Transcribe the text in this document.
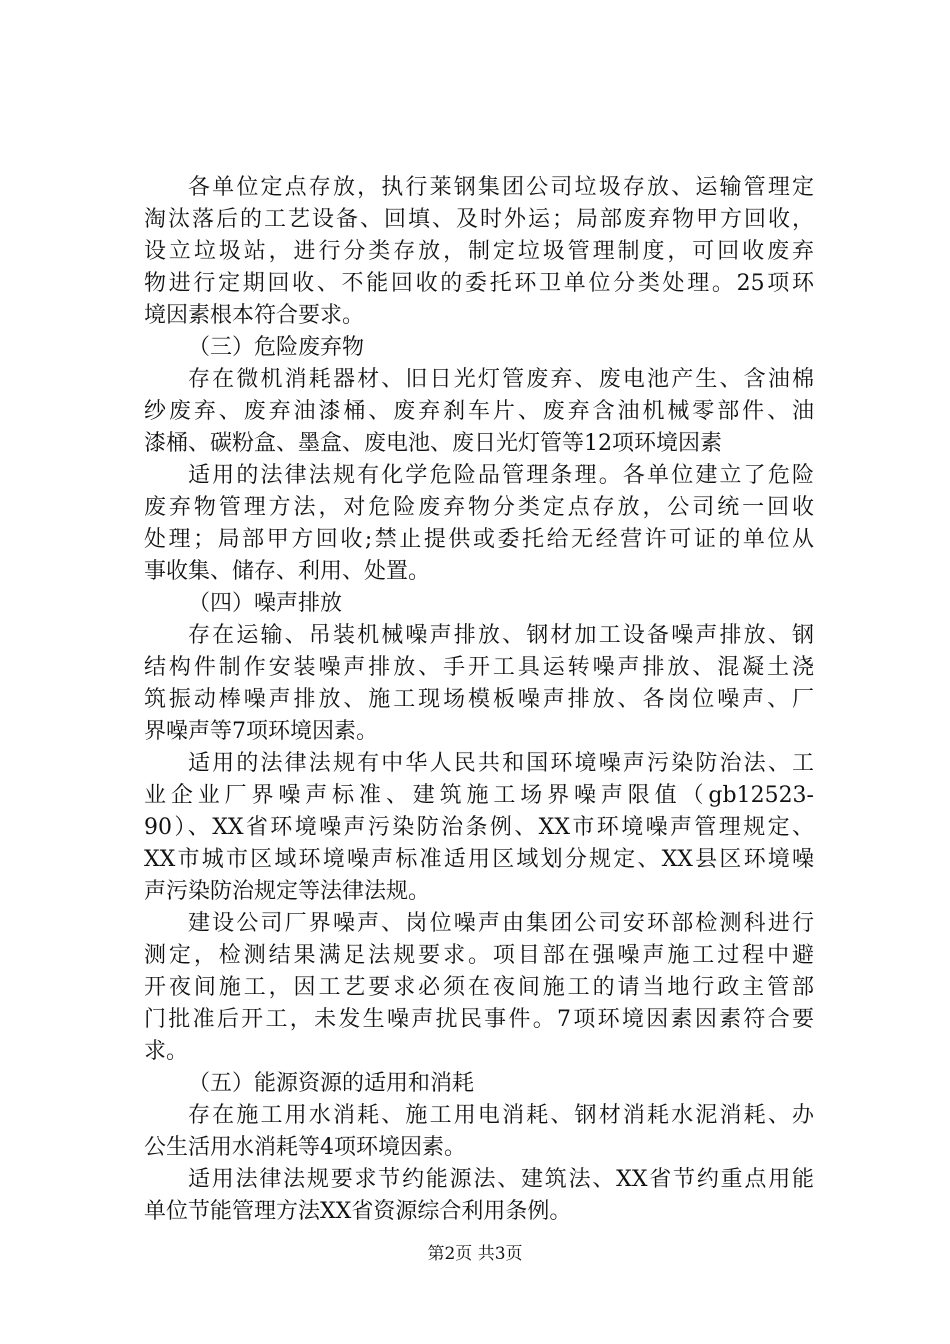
各单位定点存放，执行莱钢集团公司垃圾存放、运输管理定
淘汰落后的工艺设备、回填、及时外运；局部废弃物甲方回收，
设立垃圾站，进行分类存放，制定垃圾管理制度，可回收废弃
物进行定期回收、不能回收的委托环卫单位分类处理。25项环
境因素根本符合要求。
（三）危险废弃物
存在微机消耗器材、旧日光灯管废弃、废电池产生、含油棉
纱废弃、废弃油漆桶、废弃刹车片、废弃含油机械零部件、油
漆桶、碳粉盒、墨盒、废电池、废日光灯管等12项环境因素
适用的法律法规有化学危险品管理条理。各单位建立了危险
废弃物管理方法，对危险废弃物分类定点存放，公司统一回收
处理；局部甲方回收;禁止提供或委托给无经营许可证的单位从
事收集、储存、利用、处置。
（四）噪声排放
存在运输、吊装机械噪声排放、钢材加工设备噪声排放、钢
结构件制作安装噪声排放、手开工具运转噪声排放、混凝土浇
筑振动棒噪声排放、施工现场模板噪声排放、各岗位噪声、厂
界噪声等7项环境因素。
适用的法律法规有中华人民共和国环境噪声污染防治法、工
业企业厂界噪声标准、建筑施工场界噪声限值（gb12523-
90）、XX省环境噪声污染防治条例、XX市环境噪声管理规定、
XX市城市区域环境噪声标准适用区域划分规定、XX县区环境噪
声污染防治规定等法律法规。
建设公司厂界噪声、岗位噪声由集团公司安环部检测科进行
测定，检测结果满足法规要求。项目部在强噪声施工过程中避
开夜间施工，因工艺要求必须在夜间施工的请当地行政主管部
门批准后开工，未发生噪声扰民事件。7项环境因素因素符合要
求。
（五）能源资源的适用和消耗
存在施工用水消耗、施工用电消耗、钢材消耗水泥消耗、办
公生活用水消耗等4项环境因素。
适用法律法规要求节约能源法、建筑法、XX省节约重点用能
单位节能管理方法XX省资源综合利用条例。
第2页 共3页
